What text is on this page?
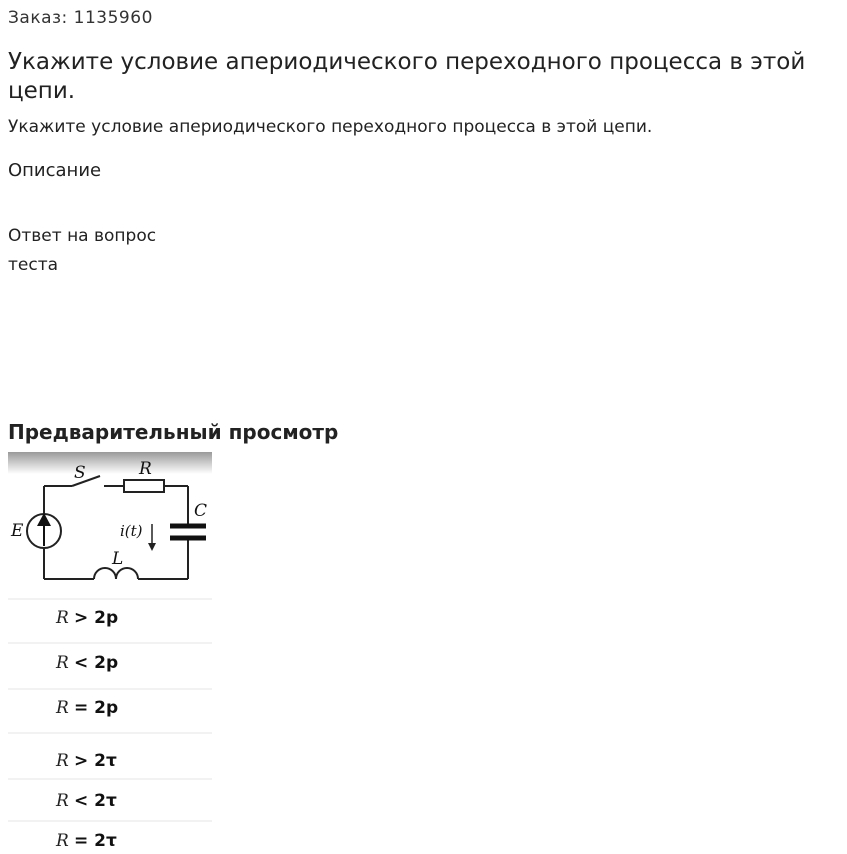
Заказ: 1135960
Укажите условие апериодического переходного процесса в этой цепи.
Укажите условие апериодического переходного процесса в этой цепи.
Описание
Ответ на вопрос теста
Предварительный просмотр
S	R
E	i(t)
C
L
R > 2p
R < 2p
R = 2p
R > 2τ
R < 2τ
R = 2τ
